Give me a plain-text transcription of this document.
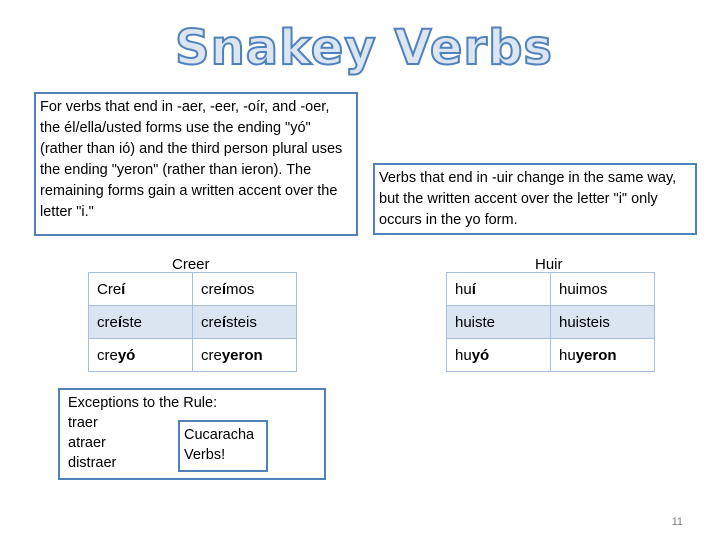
Snakey Verbs
For verbs that end in -aer, -eer, -oír, and -oer, the él/ella/usted forms use the ending "yó" (rather than ió) and the third person plural uses the ending "yeron" (rather than ieron). The remaining forms gain a written accent over the letter "i."
Verbs that end in -uir change in the same way, but the written accent over the letter "i" only occurs in the yo form.
Creer
Creí	creímos
creíste	creísteis
creyó	creyeron
Huir
huí	huimos
huiste	huisteis
huyó	huyeron
Exceptions to the Rule:
traer
atraer
distraer
Cucaracha
Verbs!
11
